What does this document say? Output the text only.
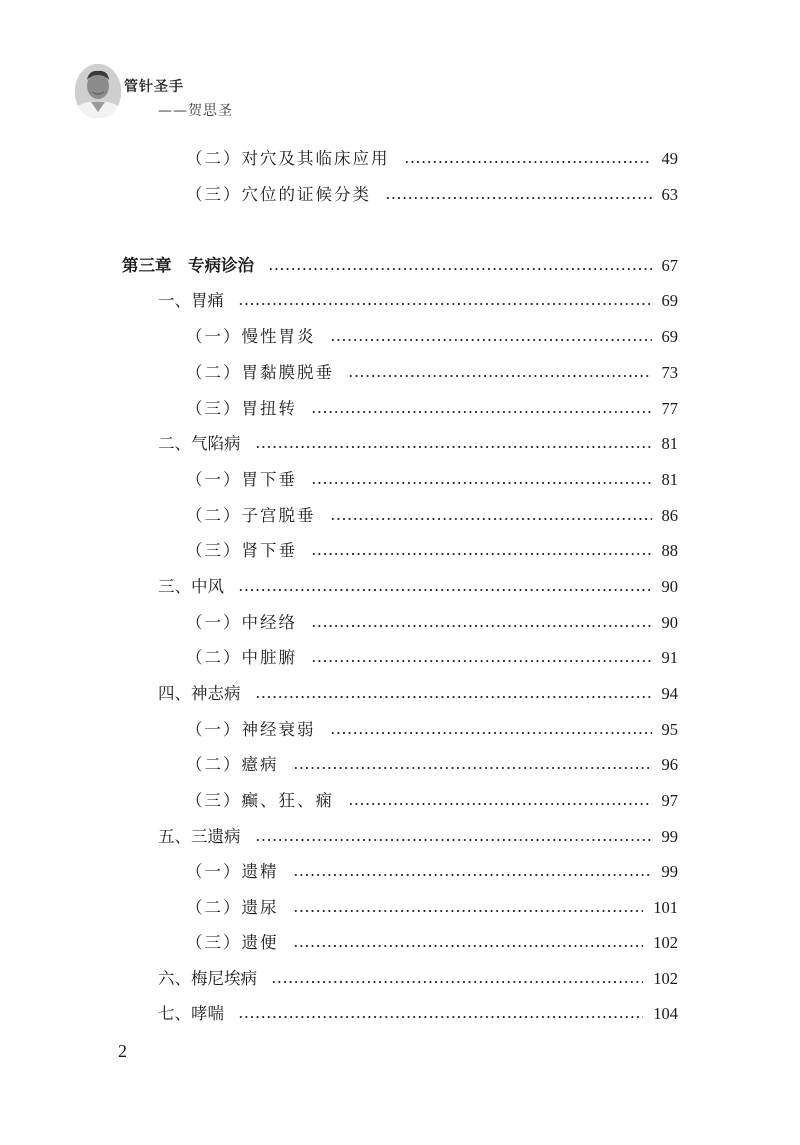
管针圣手
——贺思圣
（二）对穴及其临床应用	49
（三）穴位的证候分类	63
第三章　专病诊治	67
一、胃痛	69
（一）慢性胃炎	69
（二）胃黏膜脱垂	73
（三）胃扭转	77
二、气陷病	81
（一）胃下垂	81
（二）子宫脱垂	86
（三）肾下垂	88
三、中风	90
（一）中经络	90
（二）中脏腑	91
四、神志病	94
（一）神经衰弱	95
（二）癔病	96
（三）癫、狂、痫	97
五、三遗病	99
（一）遗精	99
（二）遗尿	101
（三）遗便	102
六、梅尼埃病	102
七、哮喘	104
2
